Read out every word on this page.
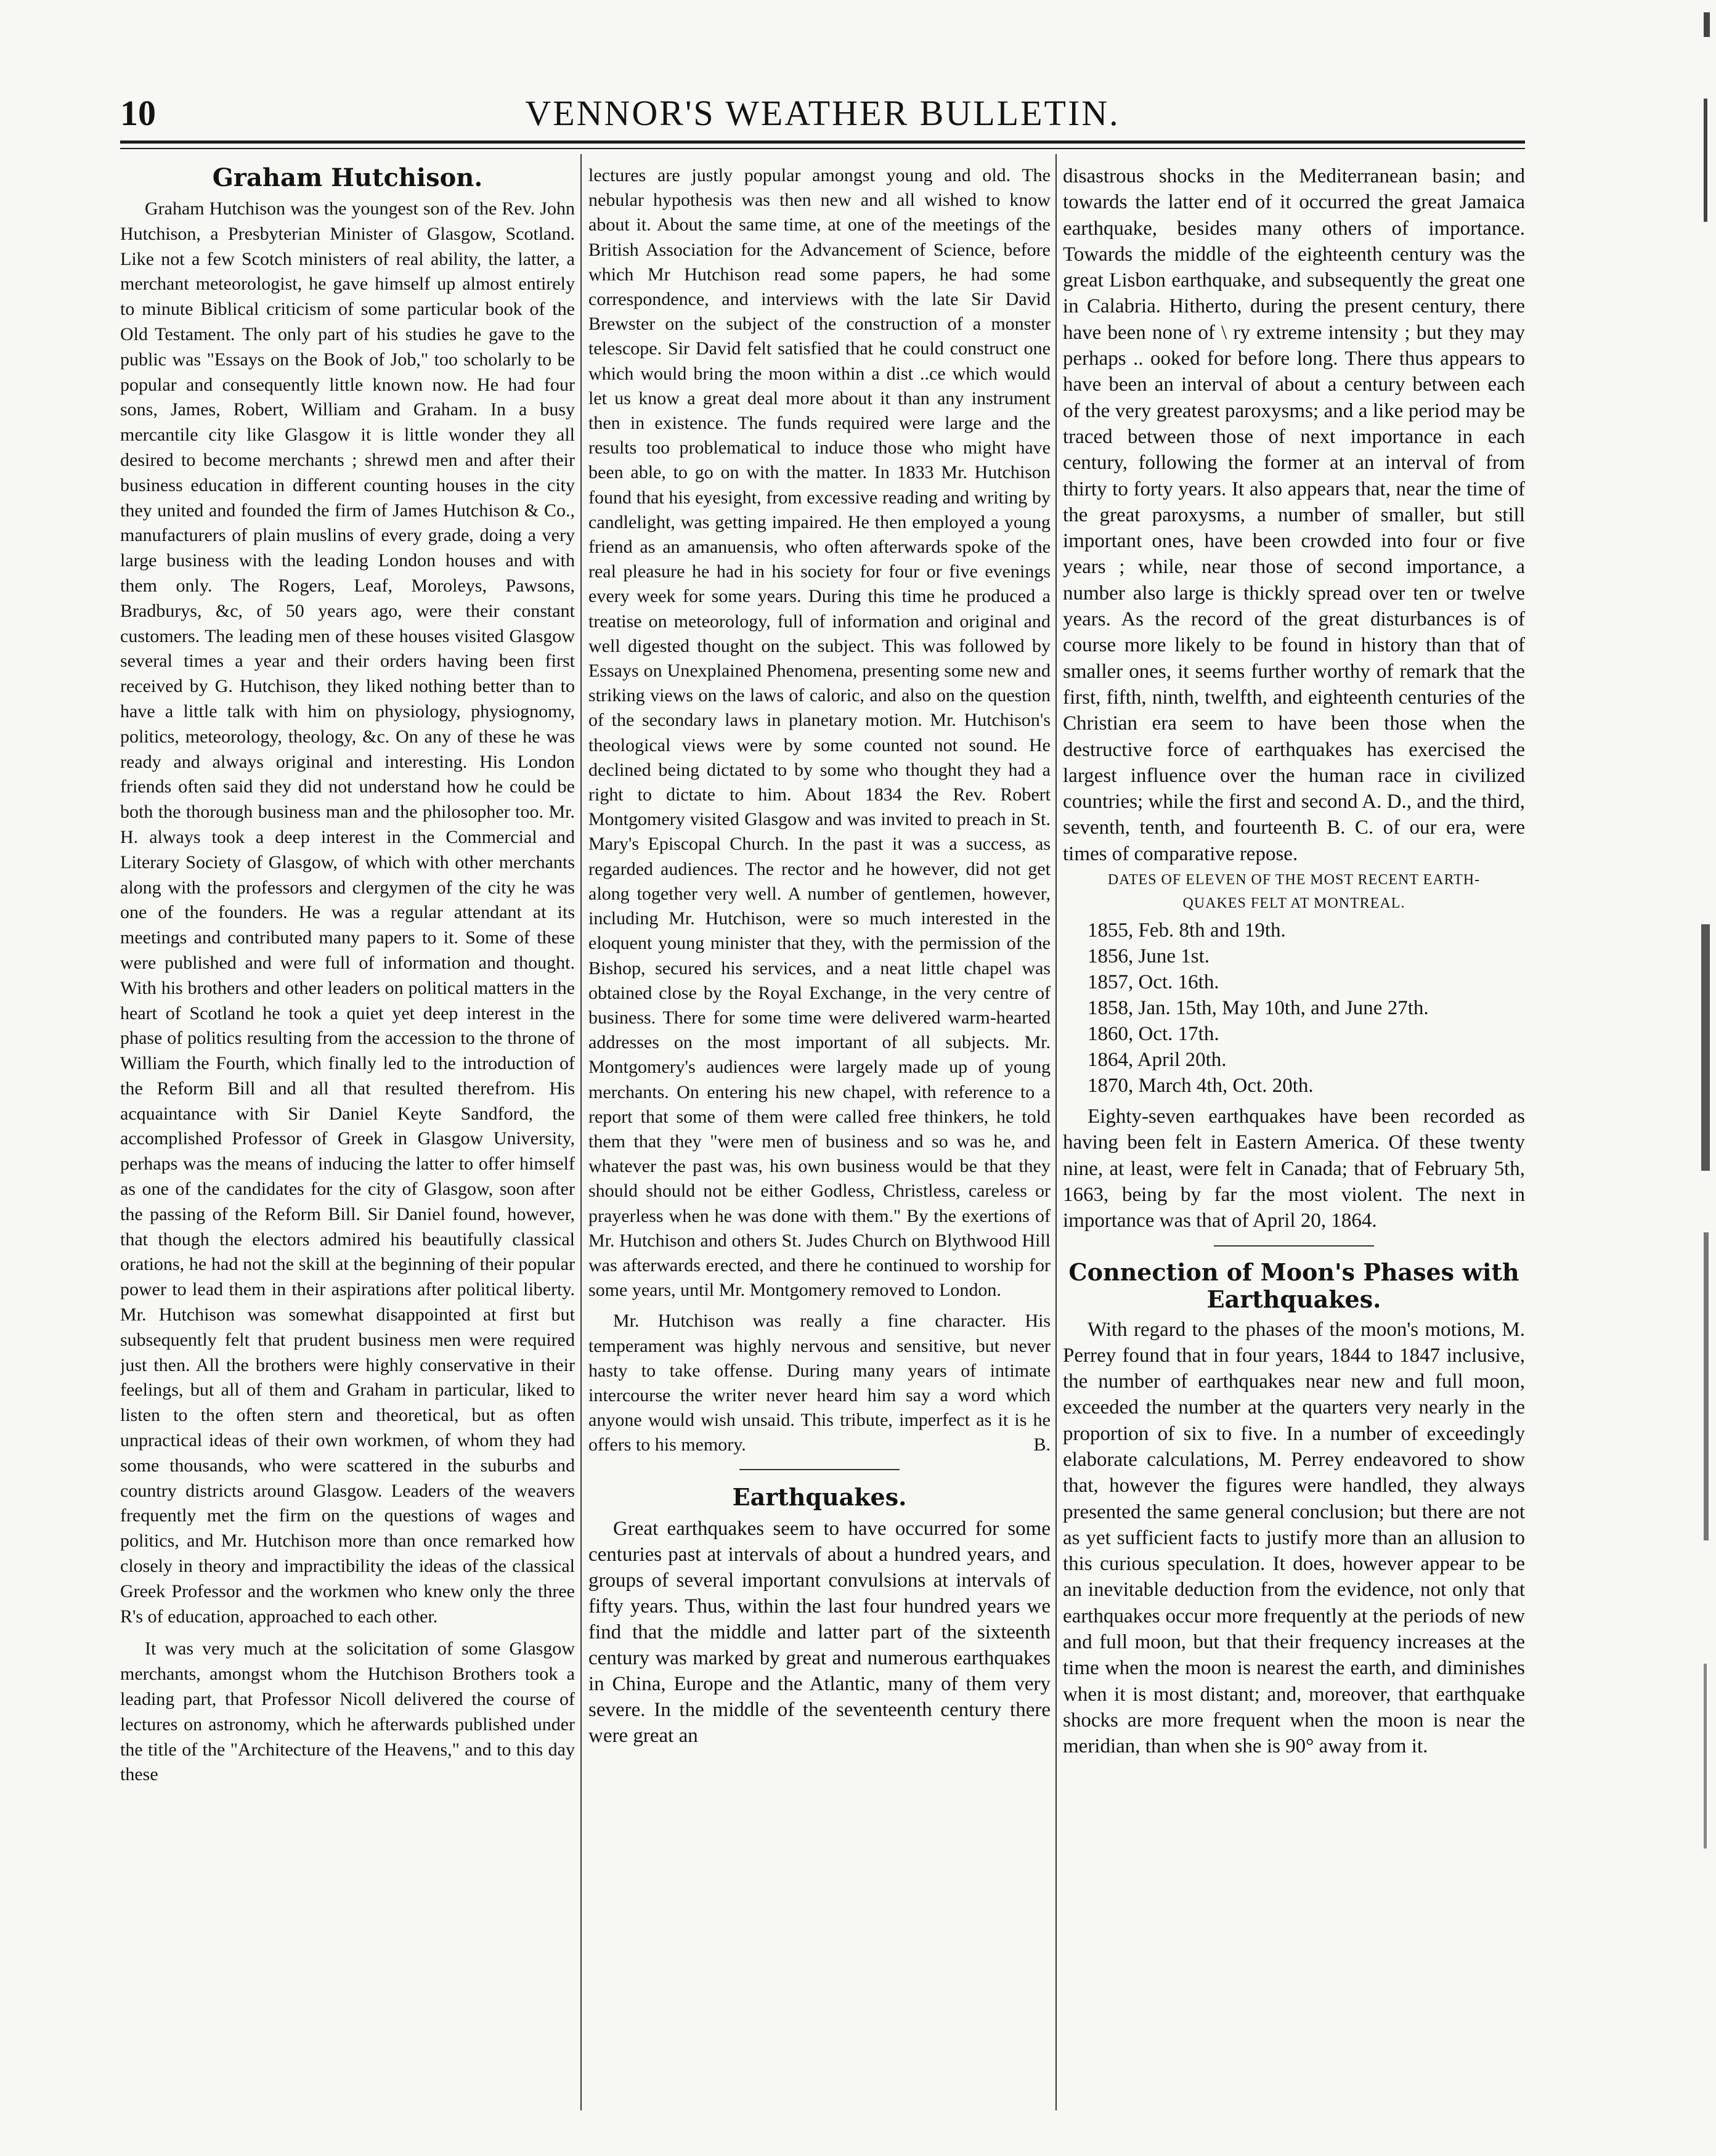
10	VENNOR'S WEATHER BULLETIN.
Graham Hutchison.

Graham Hutchison was the youngest son of the Rev. John Hutchison, a Presbyterian Minister of Glasgow, Scotland. Like not a few Scotch ministers of real ability, the latter, a merchant meteorologist, he gave himself up almost entirely to minute Biblical criticism of some particular book of the Old Testament. The only part of his studies he gave to the public was "Essays on the Book of Job," too scholarly to be popular and consequently little known now. He had four sons, James, Robert, William and Graham. In a busy mercantile city like Glasgow it is little wonder they all desired to become merchants ; shrewd men and after their business education in different counting houses in the city they united and founded the firm of James Hutchison & Co., manufacturers of plain muslins of every grade, doing a very large business with the leading London houses and with them only. The Rogers, Leaf, Moroleys, Pawsons, Bradburys, &c, of 50 years ago, were their constant customers. The leading men of these houses visited Glasgow several times a year and their orders having been first received by G. Hutchison, they liked nothing better than to have a little talk with him on physiology, physiognomy, politics, meteorology, theology, &c. On any of these he was ready and always original and interesting. His London friends often said they did not understand how he could be both the thorough business man and the philosopher too. Mr. H. always took a deep interest in the Commercial and Literary Society of Glasgow, of which with other merchants along with the professors and clergymen of the city he was one of the founders. He was a regular attendant at its meetings and contributed many papers to it. Some of these were published and were full of information and thought. With his brothers and other leaders on political matters in the heart of Scotland he took a quiet yet deep interest in the phase of politics resulting from the accession to the throne of William the Fourth, which finally led to the introduction of the Reform Bill and all that resulted therefrom. His acquaintance with Sir Daniel Keyte Sandford, the accomplished Professor of Greek in Glasgow University, perhaps was the means of inducing the latter to offer himself as one of the candidates for the city of Glasgow, soon after the passing of the Reform Bill. Sir Daniel found, however, that though the electors admired his beautifully classical orations, he had not the skill at the beginning of their popular power to lead them in their aspirations after political liberty. Mr. Hutchison was somewhat disappointed at first but subsequently felt that prudent business men were required just then. All the brothers were highly conservative in their feelings, but all of them and Graham in particular, liked to listen to the often stern and theoretical, but as often unpractical ideas of their own workmen, of whom they had some thousands, who were scattered in the suburbs and country districts around Glasgow. Leaders of the weavers frequently met the firm on the questions of wages and politics, and Mr. Hutchison more than once remarked how closely in theory and impractibility the ideas of the classical Greek Professor and the workmen who knew only the three R's of education, approached to each other.

It was very much at the solicitation of some Glasgow merchants, amongst whom the Hutchison Brothers took a leading part, that Professor Nicoll delivered the course of lectures on astronomy, which he afterwards published under the title of the "Architecture of the Heavens," and to this day these

lectures are justly popular amongst young and old. The nebular hypothesis was then new and all wished to know about it. About the same time, at one of the meetings of the British Association for the Advancement of Science, before which Mr Hutchison read some papers, he had some correspondence, and interviews with the late Sir David Brewster on the subject of the construction of a monster telescope. Sir David felt satisfied that he could construct one which would bring the moon within a dist ..ce which would let us know a great deal more about it than any instrument then in existence. The funds required were large and the results too problematical to induce those who might have been able, to go on with the matter. In 1833 Mr. Hutchison found that his eyesight, from excessive reading and writing by candlelight, was getting impaired. He then employed a young friend as an amanuensis, who often afterwards spoke of the real pleasure he had in his society for four or five evenings every week for some years. During this time he produced a treatise on meteorology, full of information and original and well digested thought on the subject. This was followed by Essays on Unexplained Phenomena, presenting some new and striking views on the laws of caloric, and also on the question of the secondary laws in planetary motion. Mr. Hutchison's theological views were by some counted not sound. He declined being dictated to by some who thought they had a right to dictate to him. About 1834 the Rev. Robert Montgomery visited Glasgow and was invited to preach in St. Mary's Episcopal Church. In the past it was a success, as regarded audiences. The rector and he however, did not get along together very well. A number of gentlemen, however, including Mr. Hutchison, were so much interested in the eloquent young minister that they, with the permission of the Bishop, secured his services, and a neat little chapel was obtained close by the Royal Exchange, in the very centre of business. There for some time were delivered warm-hearted addresses on the most important of all subjects. Mr. Montgomery's audiences were largely made up of young merchants. On entering his new chapel, with reference to a report that some of them were called free thinkers, he told them that they "were men of business and so was he, and whatever the past was, his own business would be that they should should not be either Godless, Christless, careless or prayerless when he was done with them." By the exertions of Mr. Hutchison and others St. Judes Church on Blythwood Hill was afterwards erected, and there he continued to worship for some years, until Mr. Montgomery removed to London.

Mr. Hutchison was really a fine character. His temperament was highly nervous and sensitive, but never hasty to take offense. During many years of intimate intercourse the writer never heard him say a word which anyone would wish unsaid. This tribute, imperfect as it is he offers to his memory.	B.

Earthquakes.

Great earthquakes seem to have occurred for some centuries past at intervals of about a hundred years, and groups of several important convulsions at intervals of fifty years. Thus, within the last four hundred years we find that the middle and latter part of the sixteenth century was marked by great and numerous earthquakes in China, Europe and the Atlantic, many of them very severe. In the middle of the seventeenth century there were great an

disastrous shocks in the Mediterranean basin; and towards the latter end of it occurred the great Jamaica earthquake, besides many others of importance. Towards the middle of the eighteenth century was the great Lisbon earthquake, and subsequently the great one in Calabria. Hitherto, during the present century, there have been none of \ ry extreme intensity ; but they may perhaps .. ooked for before long. There thus appears to have been an interval of about a century between each of the very greatest paroxysms; and a like period may be traced between those of next importance in each century, following the former at an interval of from thirty to forty years. It also appears that, near the time of the great paroxysms, a number of smaller, but still important ones, have been crowded into four or five years ; while, near those of second importance, a number also large is thickly spread over ten or twelve years. As the record of the great disturbances is of course more likely to be found in history than that of smaller ones, it seems further worthy of remark that the first, fifth, ninth, twelfth, and eighteenth centuries of the Christian era seem to have been those when the destructive force of earthquakes has exercised the largest influence over the human race in civilized countries; while the first and second A. D., and the third, seventh, tenth, and fourteenth B. C. of our era, were times of comparative repose.

DATES OF ELEVEN OF THE MOST RECENT EARTH-
QUAKES FELT AT MONTREAL.
1855, Feb. 8th and 19th.
1856, June 1st.
1857, Oct. 16th.
1858, Jan. 15th, May 10th, and June 27th.
1860, Oct. 17th.
1864, April 20th.
1870, March 4th, Oct. 20th.

Eighty-seven earthquakes have been recorded as having been felt in Eastern America. Of these twenty nine, at least, were felt in Canada; that of February 5th, 1663, being by far the most violent. The next in importance was that of April 20, 1864.

Connection of Moon's Phases with Earthquakes.

With regard to the phases of the moon's motions, M. Perrey found that in four years, 1844 to 1847 inclusive, the number of earthquakes near new and full moon, exceeded the number at the quarters very nearly in the proportion of six to five. In a number of exceedingly elaborate calculations, M. Perrey endeavored to show that, however the figures were handled, they always presented the same general conclusion; but there are not as yet sufficient facts to justify more than an allusion to this curious speculation. It does, however appear to be an inevitable deduction from the evidence, not only that earthquakes occur more frequently at the periods of new and full moon, but that their frequency increases at the time when the moon is nearest the earth, and diminishes when it is most distant; and, moreover, that earthquake shocks are more frequent when the moon is near the meridian, than when she is 90° away from it.
